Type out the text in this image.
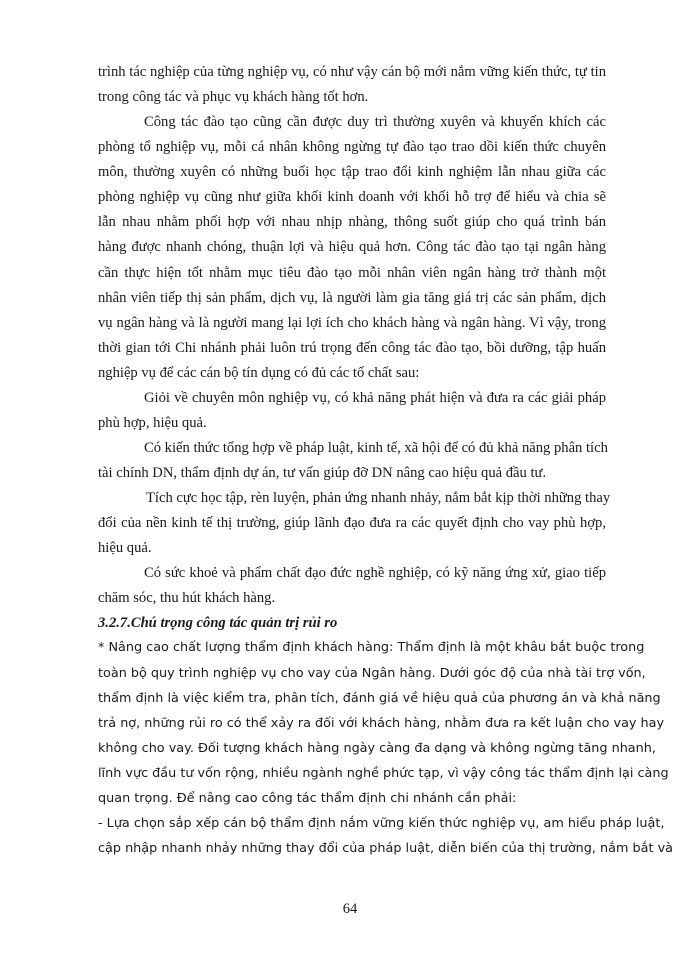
trình tác nghiệp của từng nghiệp vụ, có như vậy cán bộ mới nắm vững kiến thức, tự tin
trong công tác và phục vụ khách hàng tốt hơn.
Công tác đào tạo cũng cần được duy trì thường xuyên và khuyến khích các
phòng tổ nghiệp vụ, mỗi cá nhân không ngừng tự đào tạo trao dồi kiến thức chuyên
môn, thường xuyên có những buổi học tập trao đổi kinh nghiệm lẫn nhau giữa các
phòng nghiệp vụ cũng như giữa khối kinh doanh với khối hỗ trợ để hiểu và chia sẽ
lẫn nhau nhằm phối hợp với nhau nhịp nhàng, thông suốt giúp cho quá trình bán
hàng được nhanh chóng, thuận lợi và hiệu quả hơn. Công tác đào tạo tại ngân hàng
cần thực hiện tốt nhằm mục tiêu đào tạo mỗi nhân viên ngân hàng trở thành một
nhân viên tiếp thị sản phẩm, dịch vụ, là người làm gia tăng giá trị các sản phẩm, dịch
vụ ngân hàng và là người mang lại lợi ích cho khách hàng và ngân hàng. Vì vậy, trong
thời gian tới Chi nhánh phải luôn trú trọng đến công tác đào tạo, bồi dưỡng, tập huấn
nghiệp vụ để các cán bộ tín dụng có đủ các tố chất sau:
Giỏi về chuyên môn nghiệp vụ, có khả năng phát hiện và đưa ra các giải pháp
phù hợp, hiệu quả.
Có kiến thức tổng hợp về pháp luật, kinh tế, xã hội để có đủ khả năng phân tích
tài chính DN, thẩm định dự án, tư vấn giúp đỡ DN nâng cao hiệu quả đầu tư.
Tích cực học tập, rèn luyện, phản ứng nhanh nhảy, nắm bắt kịp thời những thay
đổi của nền kinh tế thị trường, giúp lãnh đạo đưa ra các quyết định cho vay phù hợp,
hiệu quả.
Có sức khoẻ và phẩm chất đạo đức nghề nghiệp, có kỹ năng ứng xử, giao tiếp
chăm sóc, thu hút khách hàng.
3.2.7.Chú trọng công tác quản trị rủi ro
* Nâng cao chất lượng thẩm định khách hàng: Thẩm định là một khâu bắt buộc trong
toàn bộ quy trình nghiệp vụ cho vay của Ngân hàng. Dưới góc độ của nhà tài trợ vốn,
thẩm định là việc kiểm tra, phân tích, đánh giá về hiệu quả của phương án và khả năng
trả nợ, những rủi ro có thể xảy ra đối với khách hàng, nhằm đưa ra kết luận cho vay hay
không cho vay. Đối tượng khách hàng ngày càng đa dạng và không ngừng tăng nhanh,
lĩnh vực đầu tư vốn rộng, nhiều ngành nghề phức tạp, vì vậy công tác thẩm định lại càng
quan trọng. Để nâng cao công tác thẩm định chi nhánh cần phải:
- Lựa chọn sắp xếp cán bộ thẩm định nắm vững kiến thức nghiệp vụ, am hiểu pháp luật,
cập nhập nhanh nhảy những thay đổi của pháp luật, diễn biến của thị trường, nắm bắt và
64
